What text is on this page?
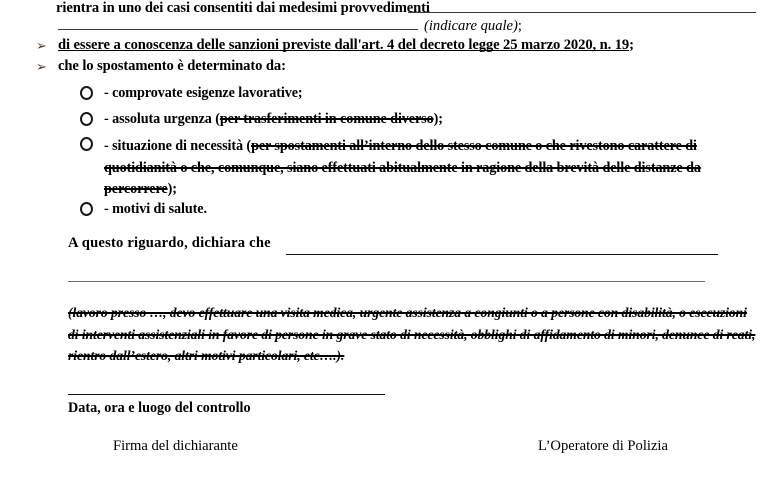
rientra in uno dei casi consentiti dai medesimi provvedimenti
(indicare quale);
➢ di essere a conoscenza delle sanzioni previste dall'art. 4 del decreto legge 25 marzo 2020, n. 19;
➢ che lo spostamento è determinato da:
- comprovate esigenze lavorative;
- assoluta urgenza (per trasferimenti in comune diverso);
- situazione di necessità (per spostamenti all’interno dello stesso comune o che rivestono carattere di quotidianità o che, comunque, siano effettuati abitualmente in ragione della brevità delle distanze da percorrere);
- motivi di salute.
A questo riguardo, dichiara che
(lavoro presso …, devo effettuare una visita medica, urgente assistenza a congiunti o a persone con disabilità, o esecuzioni di interventi assistenziali in favore di persone in grave stato di necessità, obblighi di affidamento di minori, denunce di reati, rientro dall’estero, altri motivi particolari, etc….).
Data, ora e luogo del controllo
Firma del dichiarante	L’Operatore di Polizia
